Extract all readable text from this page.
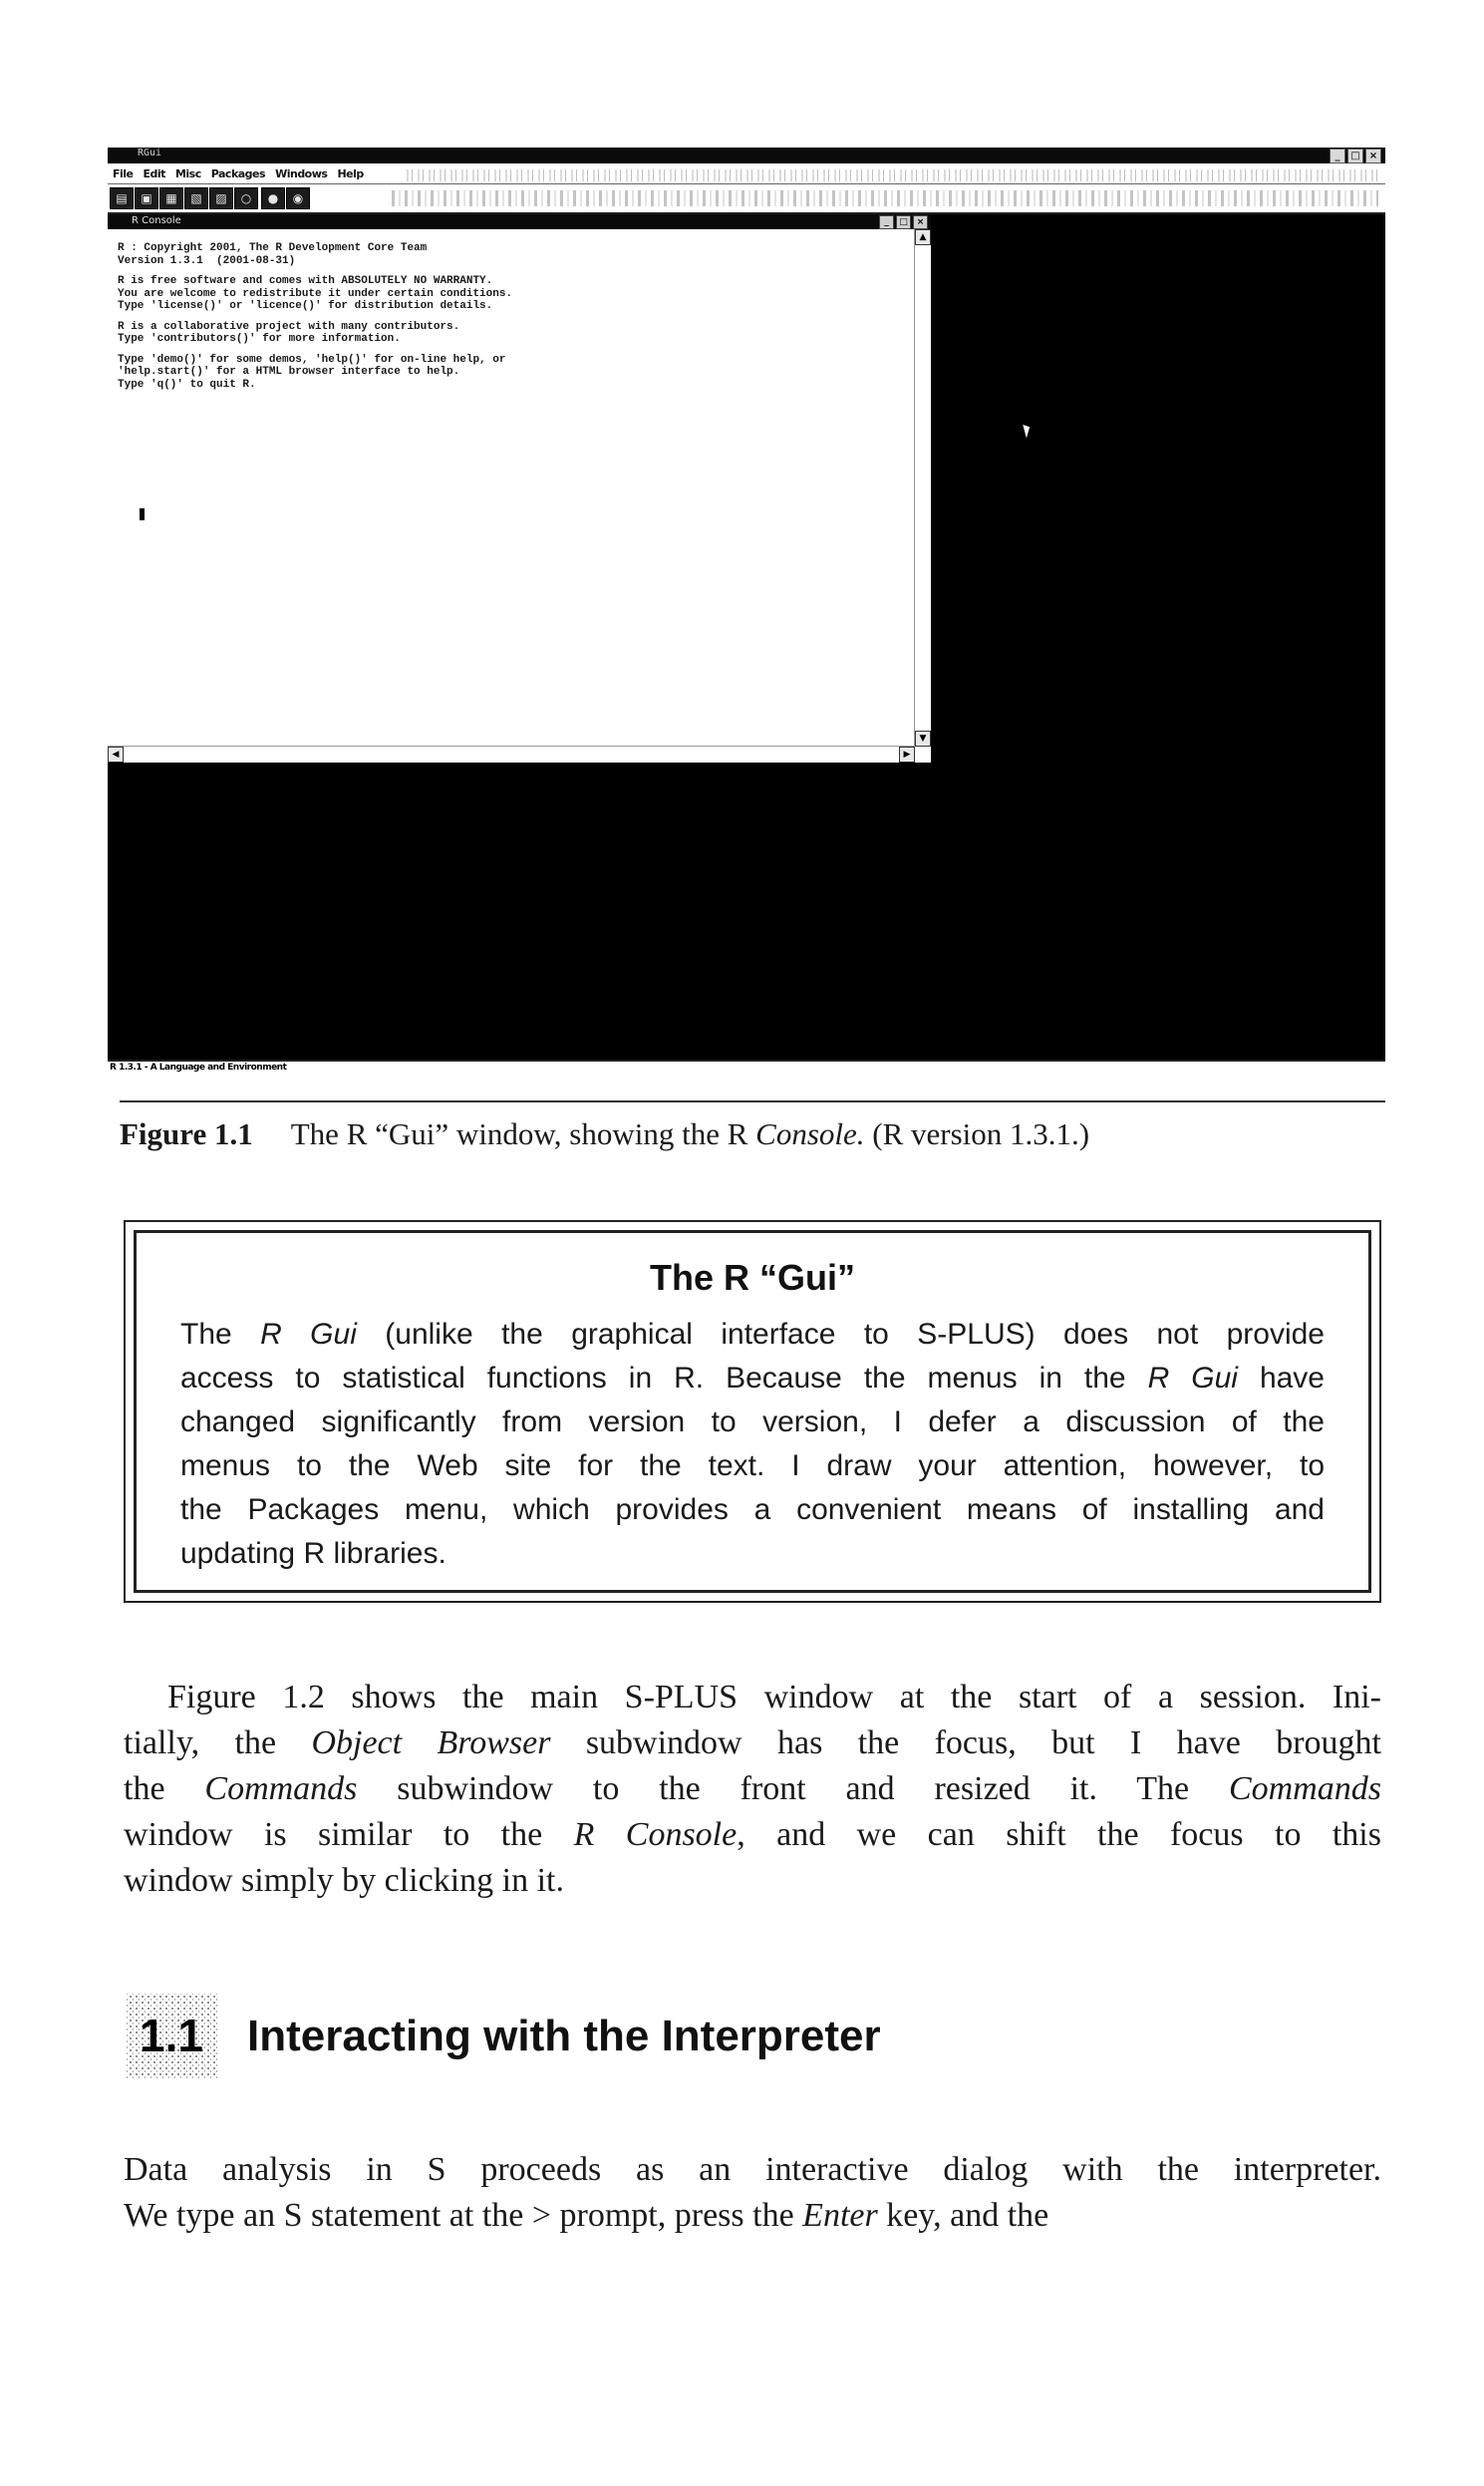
RGui	_	□ ×
File Edit Misc Packages Windows Help
▤	▣	▦	▧	▨	○	●	◉
R Console	_	□ ×
R : Copyright 2001, The R Development Core Team
Version 1.3.1  (2001-08-31)
R is free software and comes with ABSOLUTELY NO WARRANTY.
You are welcome to redistribute it under certain conditions.
Type 'license()' or 'licence()' for distribution details.
R is a collaborative project with many contributors.
Type 'contributors()' for more information.
Type 'demo()' for some demos, 'help()' for on-line help, or
'help.start()' for a HTML browser interface to help.
Type 'q()' to quit R.
▲
▼
◀	▶
R 1.3.1 - A Language and Environment
Figure 1.1 The R “Gui” window, showing the R Console. (R version 1.3.1.)
The R “Gui”
The R Gui (unlike the graphical interface to S-PLUS) does not provide
access to statistical functions in R. Because the menus in the R Gui have
changed significantly from version to version, I defer a discussion of the
menus to the Web site for the text. I draw your attention, however, to
the Packages menu, which provides a convenient means of installing and
updating R libraries.
Figure 1.2 shows the main S-PLUS window at the start of a session. Ini-
tially, the Object Browser subwindow has the focus, but I have brought
the Commands subwindow to the front and resized it. The Commands
window is similar to the R Console, and we can shift the focus to this
window simply by clicking in it.
1.1 Interacting with the Interpreter
Data analysis in S proceeds as an interactive dialog with the interpreter.
We type an S statement at the > prompt, press the Enter key, and the
